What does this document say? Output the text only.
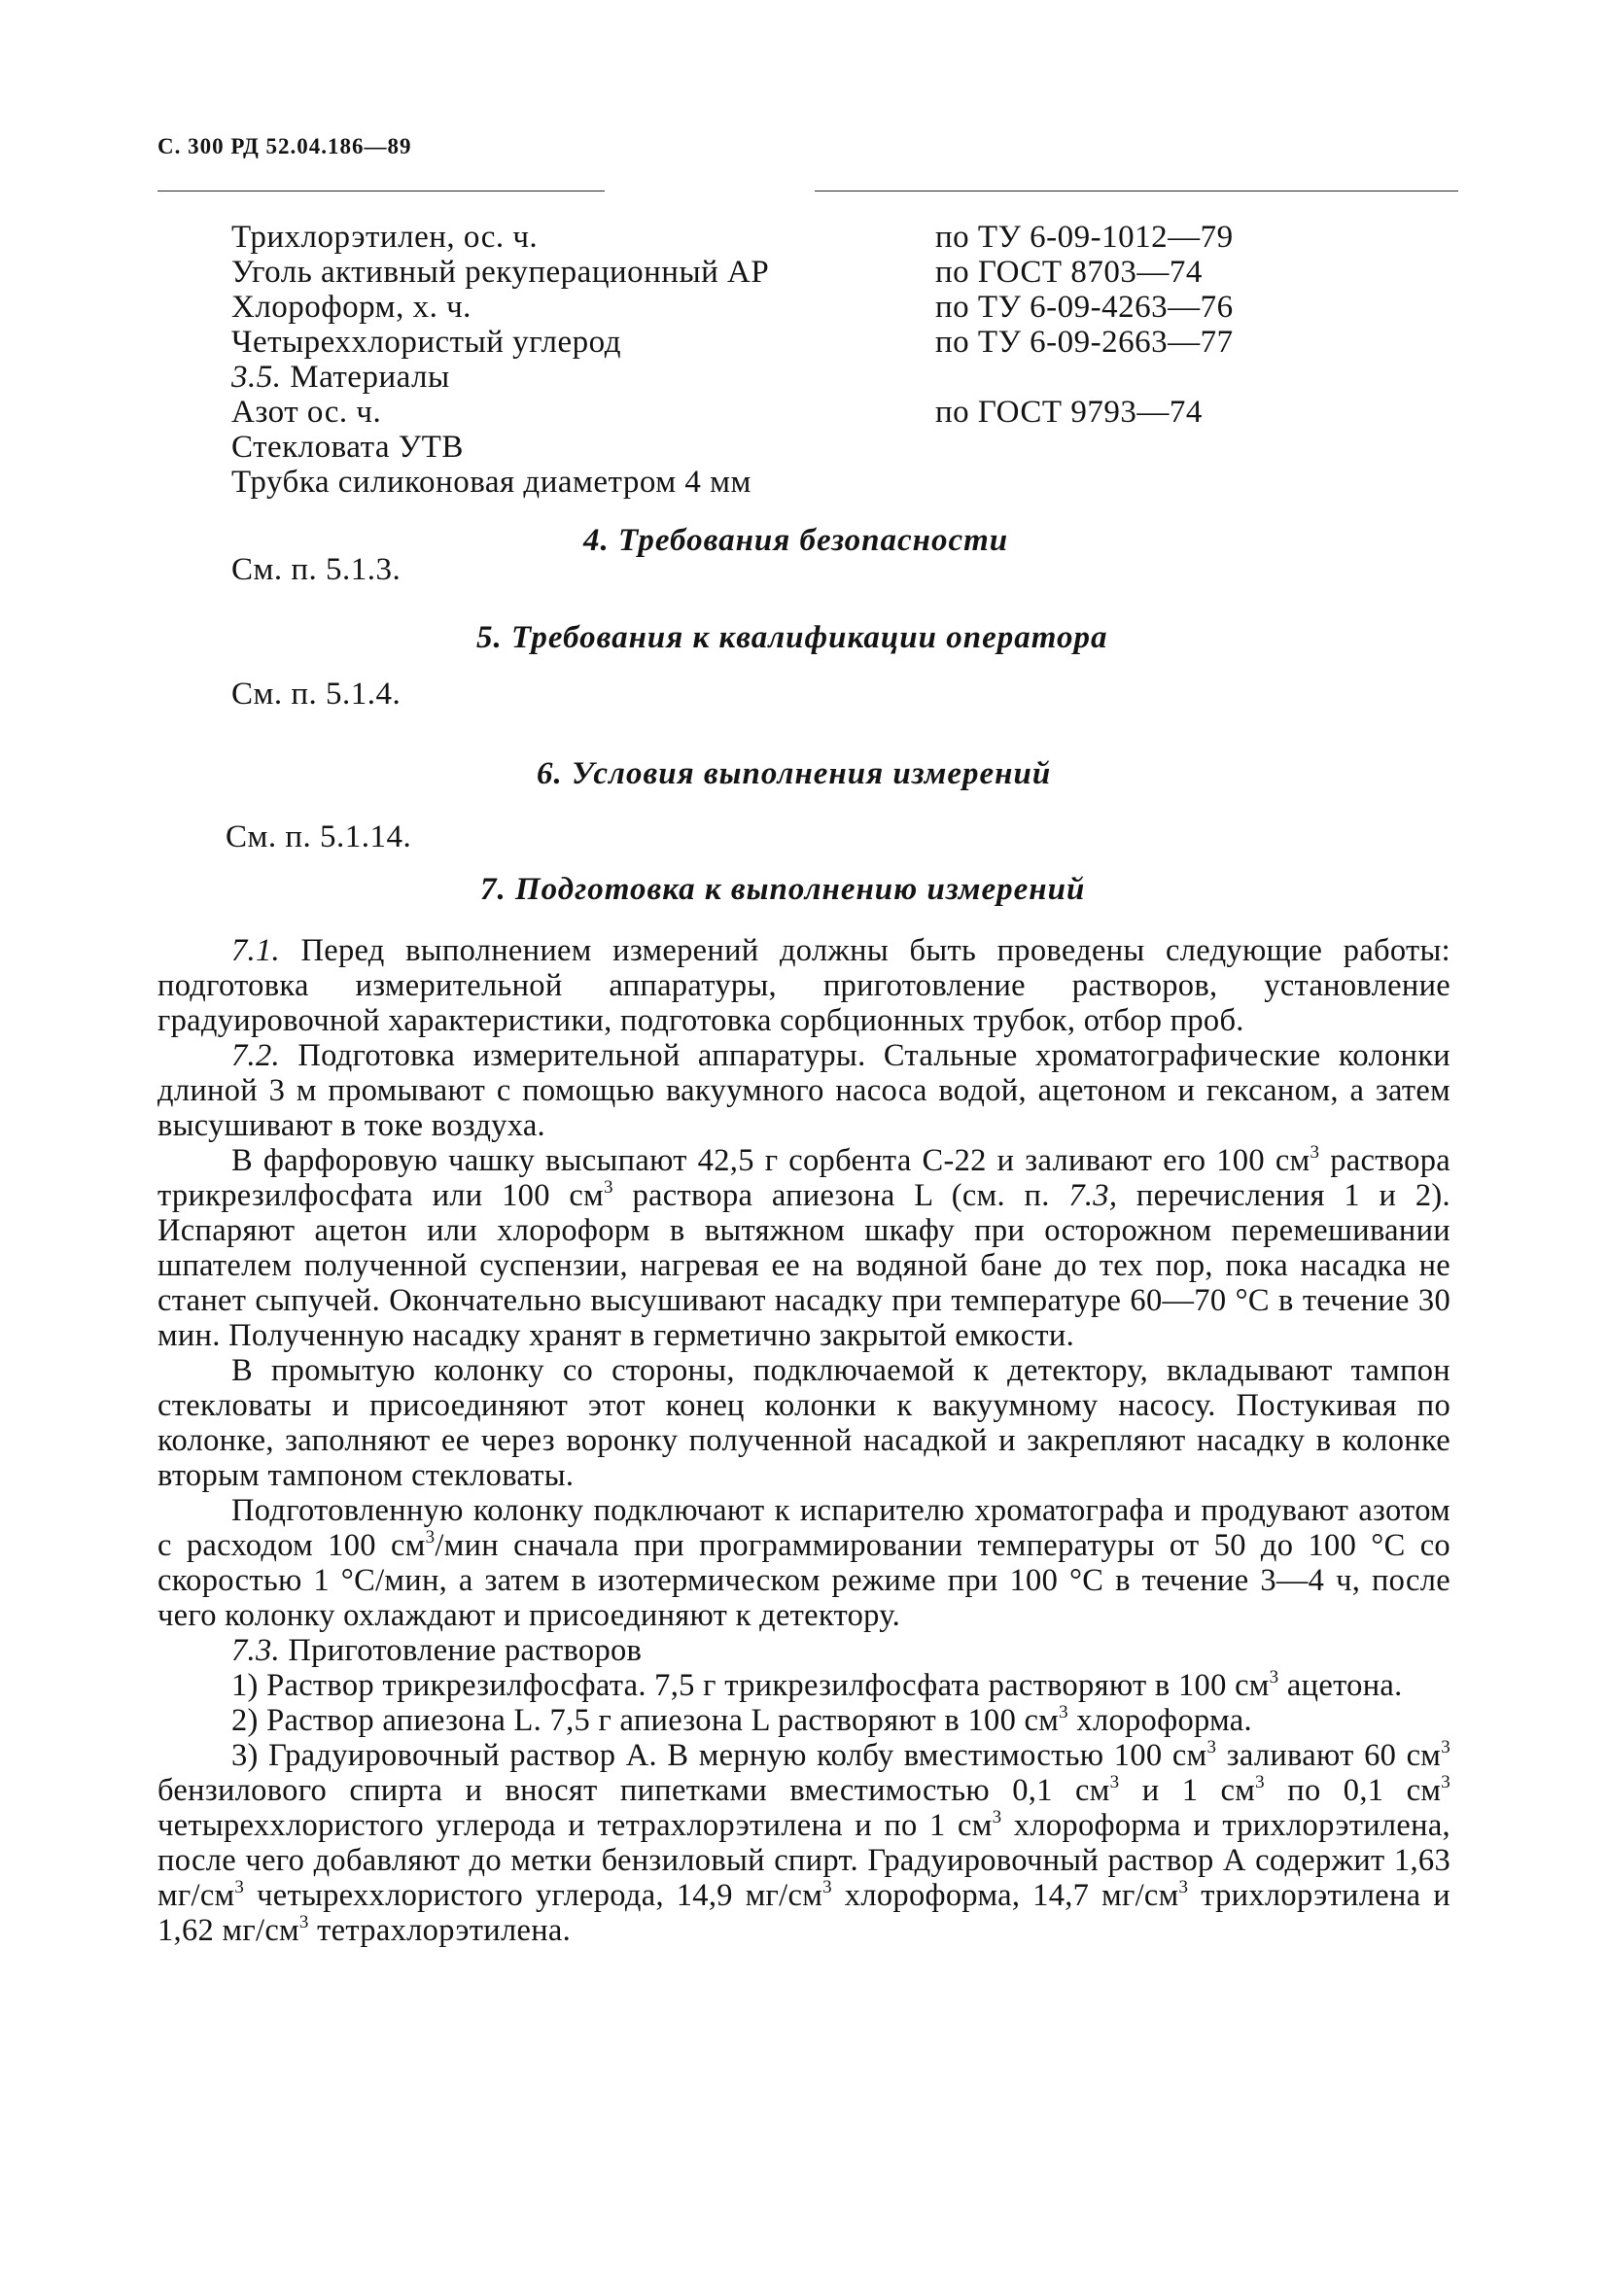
С. 300 РД 52.04.186—89
Трихлорэтилен, ос. ч.	по ТУ 6-09-1012—79
Уголь активный рекуперационный АР	по ГОСТ 8703—74
Хлороформ, х. ч.	по ТУ 6-09-4263—76
Четыреххлористый углерод	по ТУ 6-09-2663—77
3.5. Материалы
Азот ос. ч.	по ГОСТ 9793—74
Стекловата УТВ
Трубка силиконовая диаметром 4 мм
4. Требования безопасности

См. п. 5.1.3.

5. Требования к квалификации оператора

См. п. 5.1.4.

6. Условия выполнения измерений

См. п. 5.1.14.

7. Подготовка к выполнению измерений

7.1. Перед выполнением измерений должны быть проведены следующие работы: подготовка измерительной аппаратуры, приготовление растворов, установление градуировочной характеристики, подготовка сорбционных трубок, отбор проб.

7.2. Подготовка измерительной аппаратуры. Стальные хроматографические колонки длиной 3 м промывают с помощью вакуумного насоса водой, ацетоном и гексаном, а затем высушивают в токе воздуха.

В фарфоровую чашку высыпают 42,5 г сорбента С-22 и заливают его 100 $см^3$ раствора трикрезилфосфата или 100 $см^3$ раствора апиезона L (см. п. 7.3, перечисления 1 и 2). Испаряют ацетон или хлороформ в вытяжном шкафу при осторожном перемешивании шпателем полученной суспензии, нагревая ее на водяной бане до тех пор, пока насадка не станет сыпучей. Окончательно высушивают насадку при температуре 60—70 °С в течение 30 мин. Полученную насадку хранят в герметично закрытой емкости.

В промытую колонку со стороны, подключаемой к детектору, вкладывают тампон стекловаты и присоединяют этот конец колонки к вакуумному насосу. Постукивая по колонке, заполняют ее через воронку полученной насадкой и закрепляют насадку в колонке вторым тампоном стекловаты.

Подготовленную колонку подключают к испарителю хроматографа и продувают азотом с расходом 100 $см^3$/мин сначала при программировании температуры от 50 до 100 °С со скоростью 1 °С/мин, а затем в изотермическом режиме при 100 °С в течение 3—4 ч, после чего колонку охлаждают и присоединяют к детектору.

7.3. Приготовление растворов

1) Раствор трикрезилфосфата. 7,5 г трикрезилфосфата растворяют в 100 $см^3$ ацетона.

2) Раствор апиезона L. 7,5 г апиезона L растворяют в 100 $см^3$ хлороформа.

3) Градуировочный раствор А. В мерную колбу вместимостью 100 $см^3$ заливают 60 $см^3$ бензилового спирта и вносят пипетками вместимостью 0,1 $см^3$ и 1 $см^3$ по 0,1 $см^3$ четыреххлористого углерода и тетрахлорэтилена и по 1 $см^3$ хлороформа и трихлорэтилена, после чего добавляют до метки бензиловый спирт. Градуировочный раствор А содержит 1,63 $мг/см^3$ четыреххлористого углерода, 14,9 $мг/см^3$ хлороформа, 14,7 $мг/см^3$ трихлорэтилена и 1,62 $мг/см^3$ тетрахлорэтилена.
